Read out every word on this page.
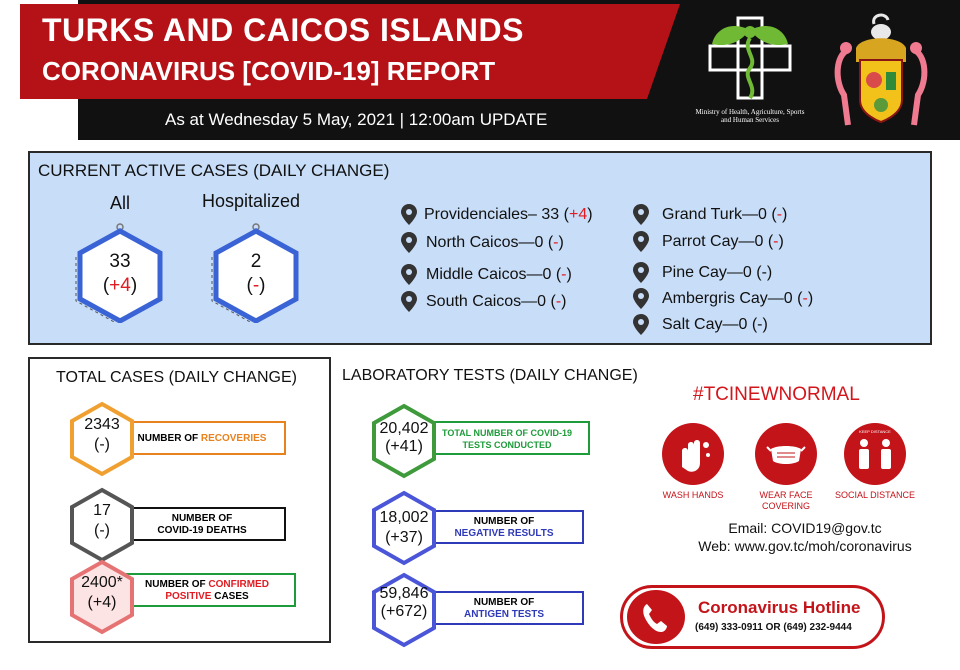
TURKS AND CAICOS ISLANDS
CORONAVIRUS [COVID-19] REPORT
As at Wednesday 5 May, 2021 | 12:00am UPDATE	Ministry of Health, Agriculture, Sports and Human Services
CURRENT ACTIVE CASES (DAILY CHANGE)
All	Hospitalized
33
(+4)
2
(-)
Providenciales– 33 (+4)
North Caicos—0 (-)
Middle Caicos—0 (-)
South Caicos—0 (-)
Grand Turk—0 (-)
Parrot Cay—0 (-)
Pine Cay—0 (-)
Ambergris Cay—0 (-)
Salt Cay—0 (-)
TOTAL CASES (DAILY CHANGE)
NUMBER OF RECOVERIES
2343
(-)
NUMBER OF
COVID-19 DEATHS
17
(-)
NUMBER OF CONFIRMED
POSITIVE CASES
2400*
(+4)
LABORATORY TESTS (DAILY CHANGE)
TOTAL NUMBER OF COVID-19
TESTS CONDUCTED
20,402
(+41)
NUMBER OF
NEGATIVE RESULTS
18,002
(+37)
NUMBER OF
ANTIGEN TESTS
59,846
(+672)
#TCINEWNORMAL
WASH HANDS	WEAR FACE COVERING
KEEP DISTANCE
SOCIAL DISTANCE
Email: COVID19@gov.tc
Web: www.gov.tc/moh/coronavirus
Coronavirus Hotline
(649) 333-0911 OR (649) 232-9444
